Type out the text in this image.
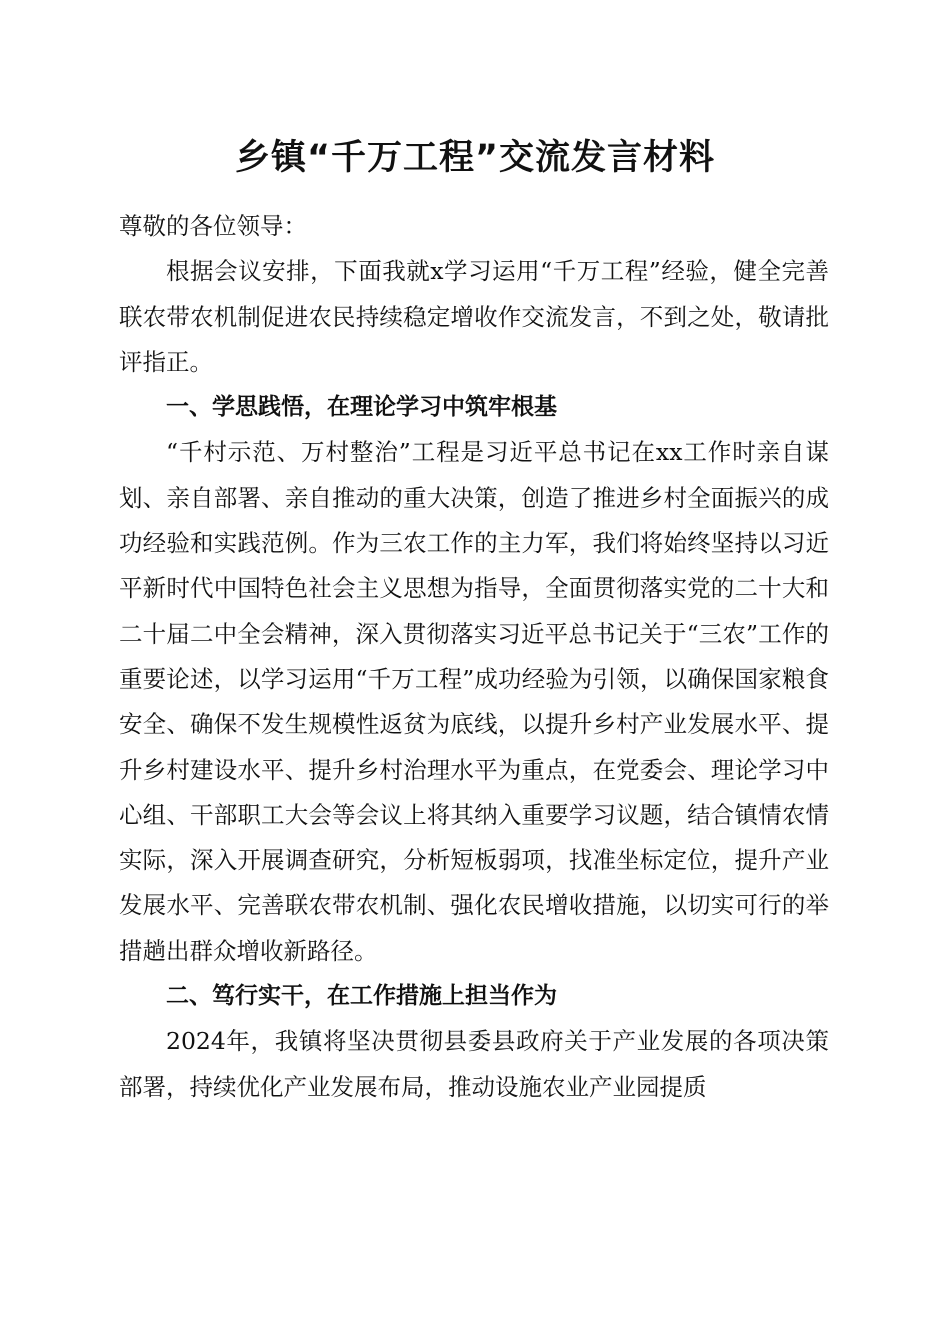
乡镇“千万工程”交流发言材料

尊敬的各位领导：

根据会议安排，下面我就x学习运用“千万工程”经验，健全完善联农带农机制促进农民持续稳定增收作交流发言，不到之处，敬请批评指正。

一、学思践悟，在理论学习中筑牢根基

“千村示范、万村整治”工程是习近平总书记在xx工作时亲自谋划、亲自部署、亲自推动的重大决策，创造了推进乡村全面振兴的成功经验和实践范例。作为三农工作的主力军，我们将始终坚持以习近平新时代中国特色社会主义思想为指导，全面贯彻落实党的二十大和二十届二中全会精神，深入贯彻落实习近平总书记关于“三农”工作的重要论述，以学习运用“千万工程”成功经验为引领，以确保国家粮食安全、确保不发生规模性返贫为底线，以提升乡村产业发展水平、提升乡村建设水平、提升乡村治理水平为重点，在党委会、理论学习中心组、干部职工大会等会议上将其纳入重要学习议题，结合镇情农情实际，深入开展调查研究，分析短板弱项，找准坐标定位，提升产业发展水平、完善联农带农机制、强化农民增收措施，以切实可行的举措趟出群众增收新路径。

二、笃行实干，在工作措施上担当作为

2024年，我镇将坚决贯彻县委县政府关于产业发展的各项决策部署，持续优化产业发展布局，推动设施农业产业园提质
